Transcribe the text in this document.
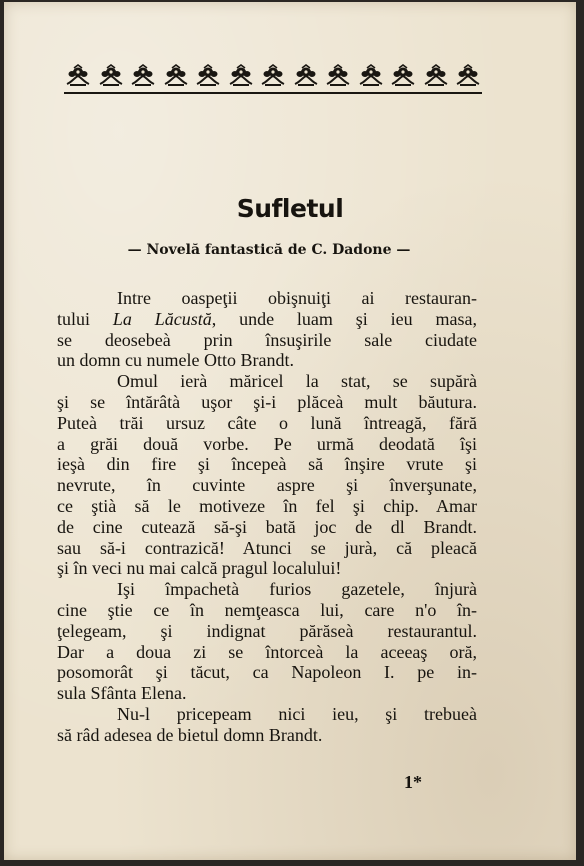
Sufletul
— Novelă fantastică de C. Dadone —
Intre oaspeţii obişnuiţi ai restauran-
tului La Lăcustă, unde luam şi ieu masa,
se deosebeà prin însuşirile sale ciudate
un domn cu numele Otto Brandt.
Omul ierà măricel la stat, se supărà
şi se întărâtà uşor şi-i plăceà mult băutura.
Puteà trăi ursuz câte o lună întreagă, fără
a grăi două vorbe. Pe urmă deodată îşi
ieşà din fire şi începeà să înşire vrute şi
nevrute, în cuvinte aspre şi înverşunate,
ce ştià să le motiveze în fel şi chip. Amar
de cine cutează să-şi bată joc de dl Brandt.
sau să-i contrazică! Atunci se jurà, că pleacă
şi în veci nu mai calcă pragul localului!
Işi împachetà furios gazetele, înjurà
cine ştie ce în nemţeasca lui, care n'o în-
ţelegeam, şi indignat părăseà restaurantul.
Dar a doua zi se întorceà la aceeaş oră,
posomorât şi tăcut, ca Napoleon I. pe in-
sula Sfânta Elena.
Nu-l pricepeam nici ieu, şi trebueà
să râd adesea de bietul domn Brandt.
1*
